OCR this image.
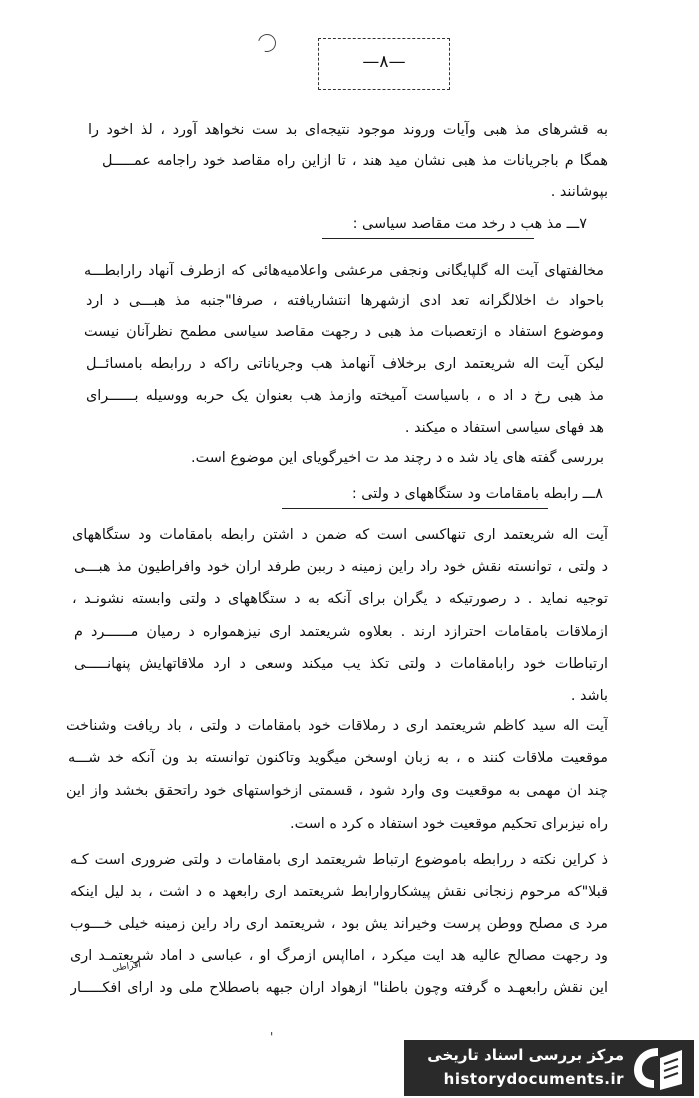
—٨—
به قشرهای مذ هبی وآیات وروند موجود نتیجه‌ای بد ست نخواهد آورد ، لذ اخود را
همگا م باجریانات مذ هبی نشان مید هند ، تا ازاین راه مقاصد خود راجامه عمـــــل
بپوشانند .
۷ـــ مذ هب د رخد مت مقاصد سیاسی :
مخالفتهای آیت اله گلپایگانی ونجفی مرعشی واعلامیه‌هائی که ازطرف آنهاد رارابطـــه
باحواد ث اخلالگرانه تعد ادی ازشهرها انتشاریافته ، صرفا"جنبه مذ هبـــی د ارد
وموضوع استفاد ه ازتعصبات مذ هبی د رجهت مقاصد سیاسی مطمح نظرآنان نیست
لیکن آیت اله شریعتمد اری برخلاف آنهامذ هب وجریاناتی راکه د ررابطه بامسائــل
مذ هبی رخ د اد ه ، باسیاست آمیخته وازمذ هب بعنوان یک حربه ووسیله بــــــرای
هد فهای سیاسی استفاد ه میکند .
بررسی گفته های یاد شد ه د رچند مد ت اخیرگویای این موضوع است.
۸ـــ رابطه بامقامات ود ستگاههای د ولتی :
آیت اله شریعتمد اری تنهاکسی است که ضمن د اشتن رابطه بامقامات ود ستگاههای
د ولتی ، توانسته نقش خود راد راین زمینه د رببن طرفد اران خود وافراطیون مذ هبـــی
توجیه نماید . د رصورتیکه د یگران برای آنکه به د ستگاههای د ولتی وابسته نشونـد ،
ازملاقات بامقامات احترازد ارند . بعلاوه شریعتمد اری نیزهمواره د رمیان مــــــرد م
ارتباطات خود رابامقامات د ولتی تکذ یب میکند وسعی د ارد ملاقاتهایش پنهانـــــی
باشد .
آیت اله سید کاظم شریعتمد اری د رملاقات خود بامقامات د ولتی ، باد ریافت وشناخت
موقعیت ملاقات کنند ه ، به زبان اوسخن میگوید وتاکنون توانسته بد ون آنکه خد شـــه
چند ان مهمی به موقعیت وی وارد شود ، قسمتی ازخواستهای خود راتحقق بخشد واز این
راه نیزبرای تحکیم موقعیت خود استفاد ه کرد ه است.
ذ کراین نکته د ررابطه باموضوع ارتباط شریعتمد اری بامقامات د ولتی ضروری است کـه
قبلا"که مرحوم زنجانی نقش پیشکاروارابط شریعتمد اری رابعهد ه د اشت ، بد لیل اینکه
مرد ی مصلح ووطن پرست وخیراند یش بود ، شریعتمد اری راد راین زمینه خیلی خـــوب
ود رجهت مصالح عالیه هد ایت میکرد ، امااپس ازمرگ او ، عباسی د اماد شریعتمـد اری
این نقش رابعهـد ه گرفته وچون باطنا" ازهواد اران جبهه باصطلاح ملی ود ارای افکـــــار
افراطی
'
مرکز بررسی اسناد تاریخی
historydocuments.ir
